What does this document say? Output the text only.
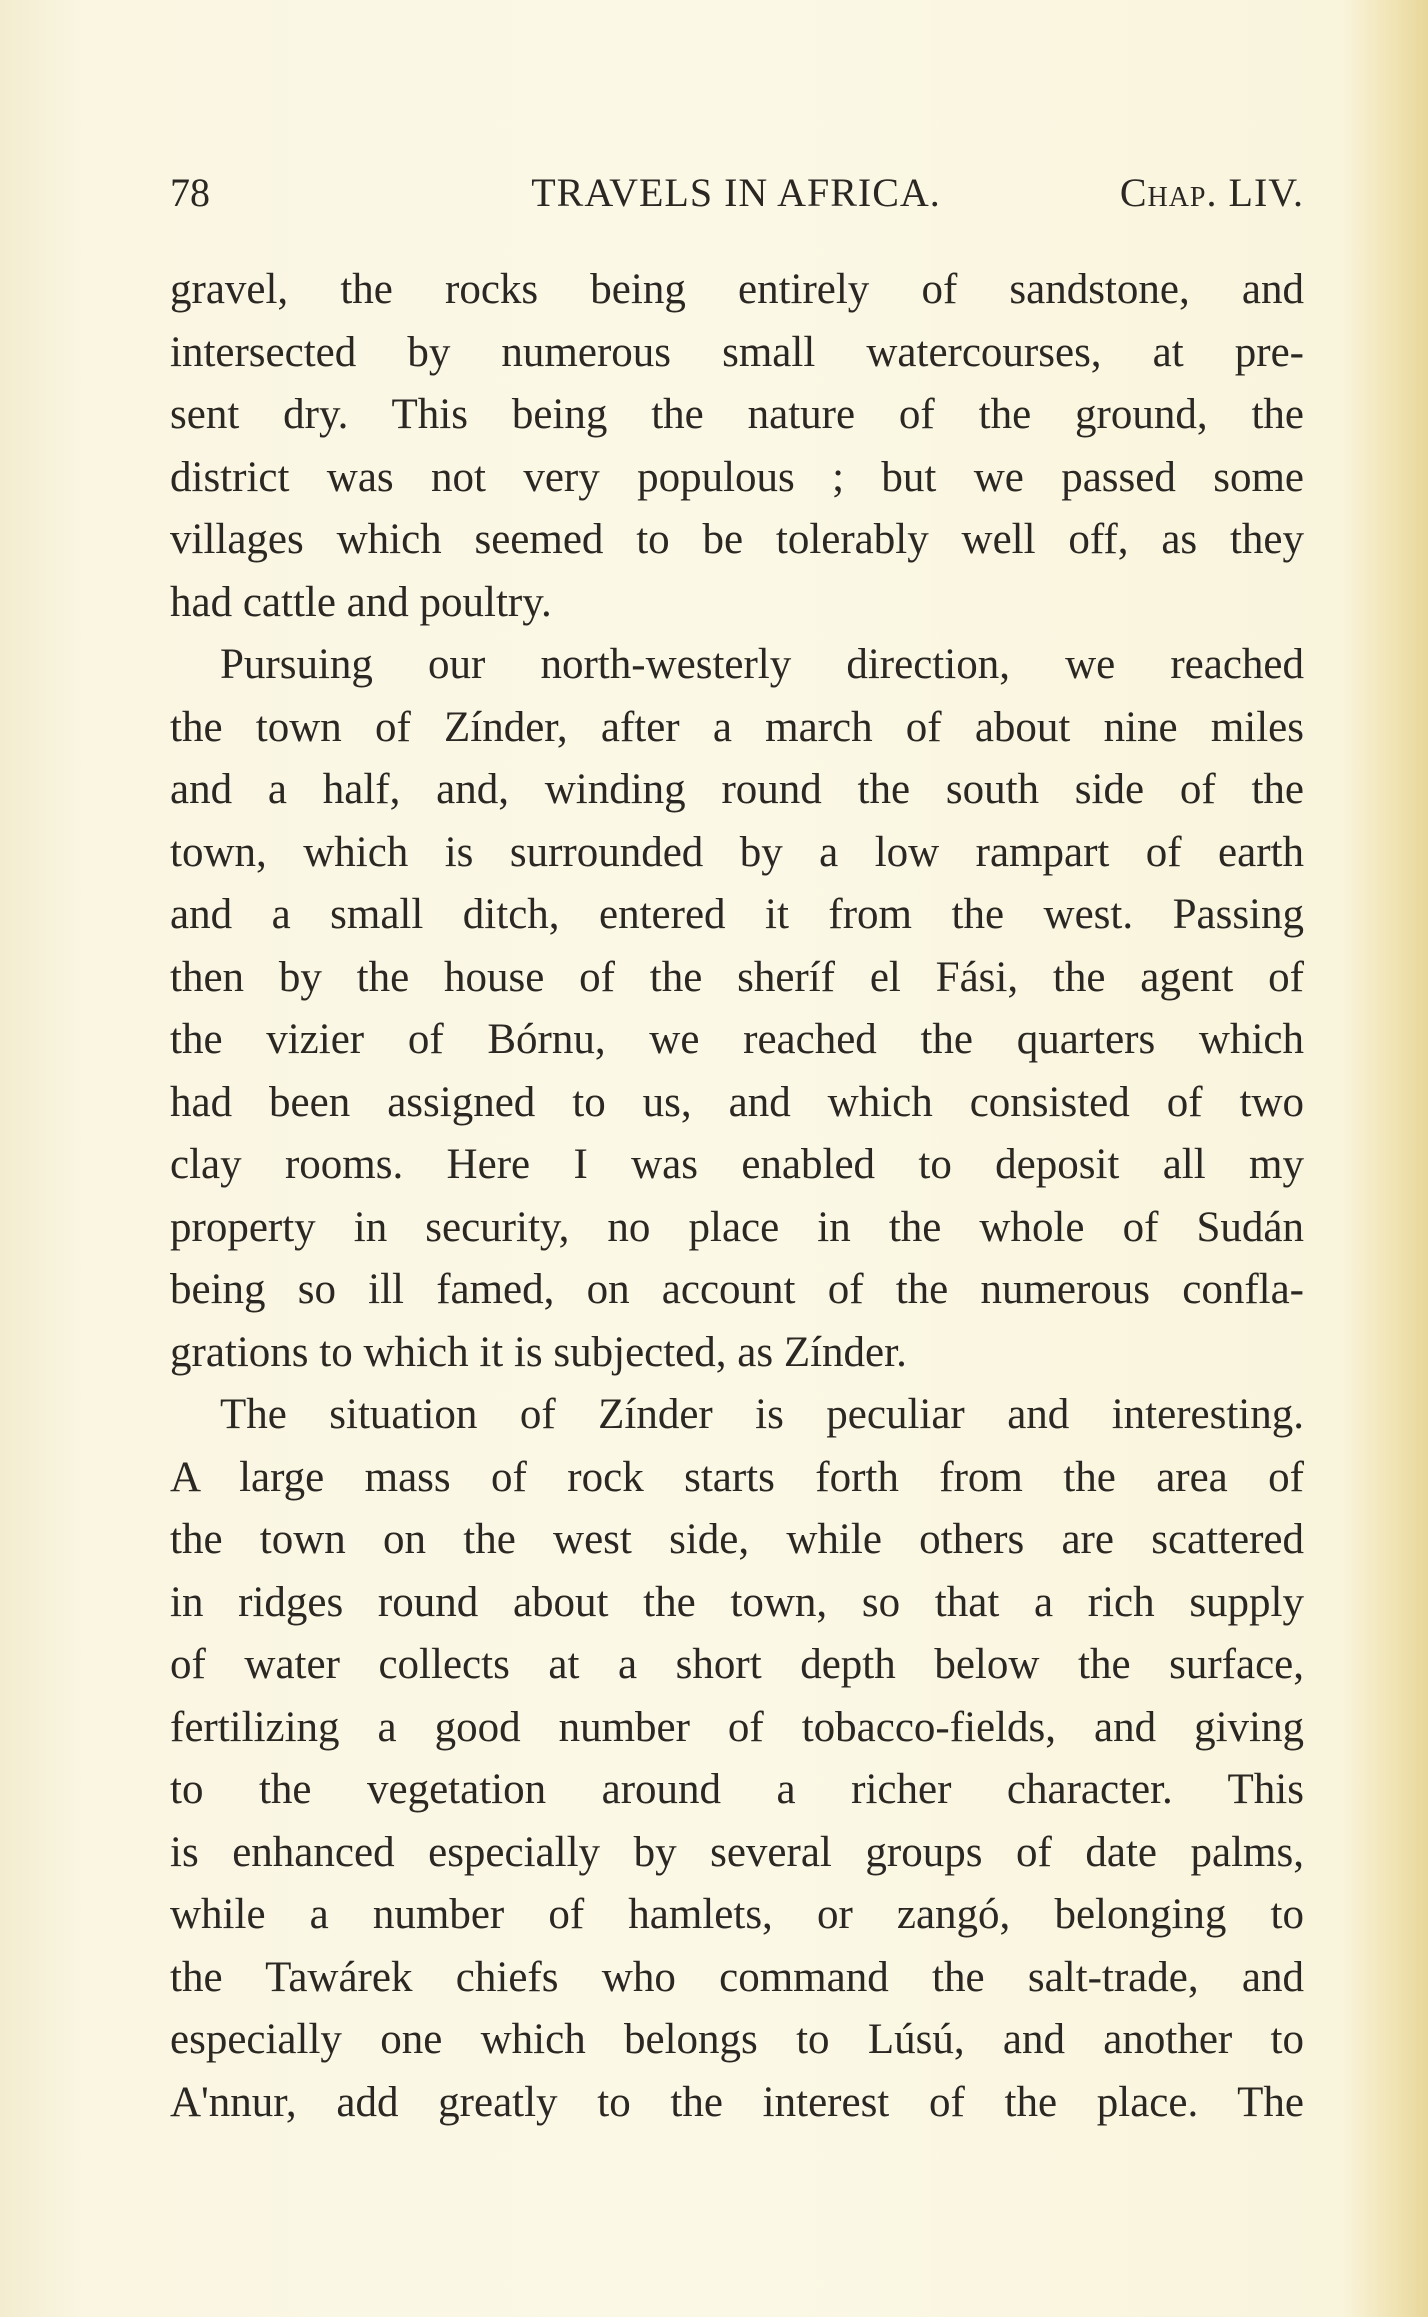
78	TRAVELS IN AFRICA.	Chap. LIV.
gravel, the rocks being entirely of sandstone, and
intersected by numerous small watercourses, at pre-
sent dry. This being the nature of the ground, the
district was not very populous ; but we passed some
villages which seemed to be tolerably well off, as they
had cattle and poultry.
Pursuing our north-westerly direction, we reached
the town of Zínder, after a march of about nine miles
and a half, and, winding round the south side of the
town, which is surrounded by a low rampart of earth
and a small ditch, entered it from the west. Passing
then by the house of the sheríf el Fási, the agent of
the vizier of Bórnu, we reached the quarters which
had been assigned to us, and which consisted of two
clay rooms. Here I was enabled to deposit all my
property in security, no place in the whole of Sudán
being so ill famed, on account of the numerous confla-
grations to which it is subjected, as Zínder.
The situation of Zínder is peculiar and interesting.
A large mass of rock starts forth from the area of
the town on the west side, while others are scattered
in ridges round about the town, so that a rich supply
of water collects at a short depth below the surface,
fertilizing a good number of tobacco-fields, and giving
to the vegetation around a richer character. This
is enhanced especially by several groups of date palms,
while a number of hamlets, or zangó, belonging to
the Tawárek chiefs who command the salt-trade, and
especially one which belongs to Lúsú, and another to
A'nnur, add greatly to the interest of the place. The
